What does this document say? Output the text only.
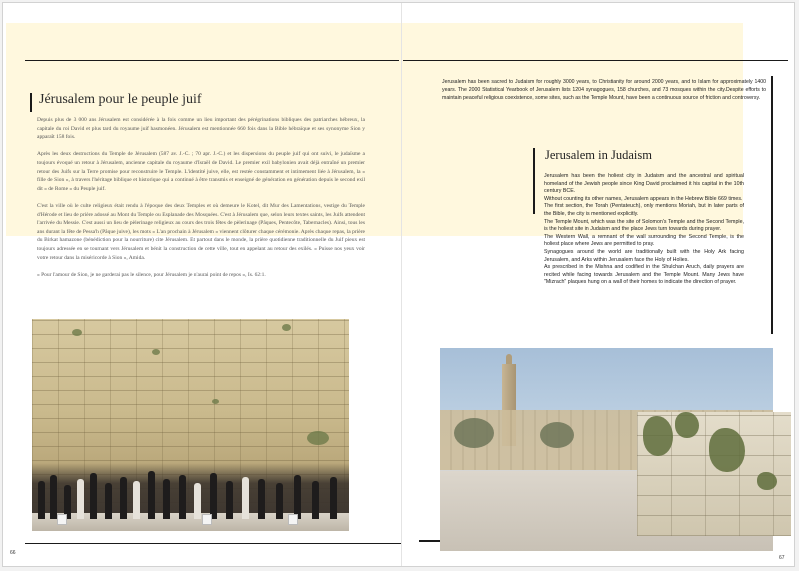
Jérusalem pour le peuple juif

Depuis plus de 3 000 ans Jérusalem est considérée à la fois comme un lieu important des pérégrinations bibliques des patriarches hébreux, la capitale du roi David et plus tard du royaume juif hasmonéen. Jérusalem est mentionnée 660 fois dans la Bible hébraïque et ses synonyme Sion y apparaît 158 fois.

Après les deux destructions du Temple de Jérusalem (587 av. J.-C. ; 70 apr. J.-C.) et les dispersions du peuple juif qui ont suivi, le judaïsme a toujours évoqué un retour à Jérusalem, ancienne capitale du royaume d'Israël de David. Le premier exil babylonien avait déjà entraîné un premier retour des Juifs sur la Terre promise pour reconstruire le Temple. L'identité juive, elle, est restée constamment et intimement liée à Jérusalem, la « fille de Sion », à travers l'héritage biblique et historique qui a continué à être transmis et enseigné de génération en génération depuis le second exil dit « de Rome » du Peuple juif.

C'est la ville où le culte religieux était rendu à l'époque des deux Temples et où demeure le Kotel, dit Mur des Lamentations, vestige du Temple d'Hérode et lieu de prière adossé au Mont du Temple ou Esplanade des Mosquées. C'est à Jérusalem que, selon leurs textes saints, les Juifs attendent l'arrivée du Messie. C'est aussi un lieu de pèlerinage religieux au cours des trois fêtes de pèlerinage (Pâques, Pentecôte, Tabernacles). Ainsi, tous les ans durant la fête de Pessa'h (Pâque juive), les mots « L'an prochain à Jérusalem » viennent clôturer chaque cérémonie. Après chaque repas, la prière du Birkat hamazone (bénédiction pour la nourriture) cite Jérusalem. Et partout dans le monde, la prière quotidienne traditionnelle du Juif pieux est toujours adressée en se tournant vers Jérusalem et bénit la construction de cette ville, tout en appelant au retour des exilés. « Puisse nos yeux voir votre retour dans la miséricorde à Sion », Amida.

« Pour l'amour de Sion, je ne garderai pas le silence, pour Jérusalem je n'aurai point de repos », Is. 62:1.

66
Jerusalem has been sacred to Judaism for roughly 3000 years, to Christianity for around 2000 years, and to Islam for approximately 1400 years. The 2000 Statistical Yearbook of Jerusalem lists 1204 synagogues, 158 churches, and 73 mosques within the city.Despite efforts to maintain peaceful religious coexistence, some sites, such as the Temple Mount, have been a continuous source of friction and controversy.
Jerusalem in Judaism

Jerusalem has been the holiest city in Judaism and the ancestral and spiritual homeland of the Jewish people since King David proclaimed it his capital in the 10th century BCE.

Without counting its other names, Jerusalem appears in the Hebrew Bible 669 times.

The first section, the Torah (Pentateuch), only mentions Moriah, but in later parts of the Bible, the city is mentioned explicitly.

The Temple Mount, which was the site of Solomon's Temple and the Second Temple, is the holiest site in Judaism and the place Jews turn towards during prayer.

The Western Wall, a remnant of the wall surrounding the Second Temple, is the holiest place where Jews are permitted to pray.

Synagogues around the world are traditionally built with the Holy Ark facing Jerusalem, and Arks within Jerusalem face the Holy of Holies.

As prescribed in the Mishna and codified in the Shulchan Aruch, daily prayers are recited while facing towards Jerusalem and the Temple Mount. Many Jews have "Mizrach" plaques hung on a wall of their homes to indicate the direction of prayer.

67
